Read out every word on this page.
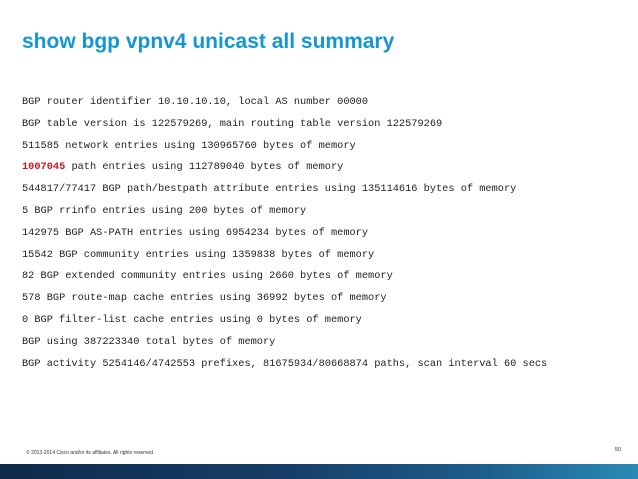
show bgp vpnv4 unicast all summary
BGP router identifier 10.10.10.10, local AS number 00000
BGP table version is 122579269, main routing table version 122579269
511585 network entries using 130965760 bytes of memory
1007045 path entries using 112789040 bytes of memory
544817/77417 BGP path/bestpath attribute entries using 135114616 bytes of memory
5 BGP rrinfo entries using 200 bytes of memory
142975 BGP AS-PATH entries using 6954234 bytes of memory
15542 BGP community entries using 1359838 bytes of memory
82 BGP extended community entries using 2660 bytes of memory
578 BGP route-map cache entries using 36992 bytes of memory
0 BGP filter-list cache entries using 0 bytes of memory
BGP using 387223340 total bytes of memory
BGP activity 5254146/4742553 prefixes, 81675934/80668874 paths, scan interval 60 secs
© 2013-2014 Cisco and/or its affiliates. All rights reserved.	50
